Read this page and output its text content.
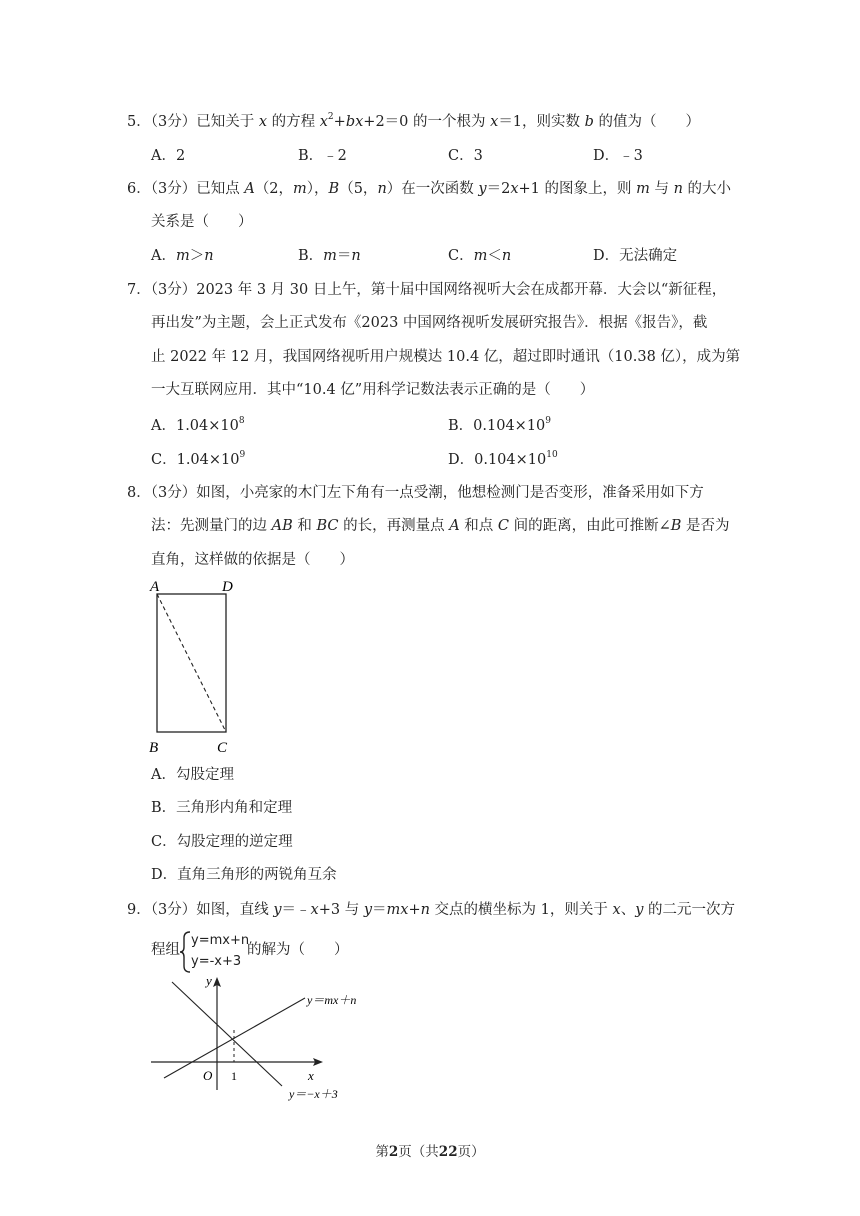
5．（3分）已知关于 x 的方程 $x^2+bx+2=0$ 的一个根为 x＝1，则实数 b 的值为（　　）
A．2	B．﹣2	C．3	D．﹣3
6．（3分）已知点 A（2，m），B（5，n）在一次函数 y＝2x+1 的图象上，则 m 与 n 的大小
关系是（　　）
A．m＞n	B．m＝n	C．m＜n	D．无法确定
7．（3分）2023 年 3 月 30 日上午，第十届中国网络视听大会在成都开幕．大会以“新征程，
再出发”为主题，会上正式发布《2023 中国网络视听发展研究报告》．根据《报告》，截
止 2022 年 12 月，我国网络视听用户规模达 10.4 亿，超过即时通讯（10.38 亿），成为第
一大互联网应用．其中“10.4 亿”用科学记数法表示正确的是（　　）
A．$1.04\times 10^8$	B．$0.104\times 10^9$
C．$1.04\times 10^9$	D．$0.104\times 10^{10}$
8．（3分）如图，小亮家的木门左下角有一点受潮，他想检测门是否变形，准备采用如下方
法：先测量门的边 AB 和 BC 的长，再测量点 A 和点 C 间的距离，由此可推断∠B 是否为
直角，这样做的依据是（　　）
A	D
B	C
A．勾股定理
B．三角形内角和定理
C．勾股定理的逆定理
D．直角三角形的两锐角互余
9．（3分）如图，直线 y＝﹣x+3 与 y＝mx+n 交点的横坐标为 1，则关于 x、y 的二元一次方
程组
y=mx+n
y=-x+3
的解为（　　）
y
x
O 1
y＝mx＋n
y＝−x＋3
第2页（共22页）
